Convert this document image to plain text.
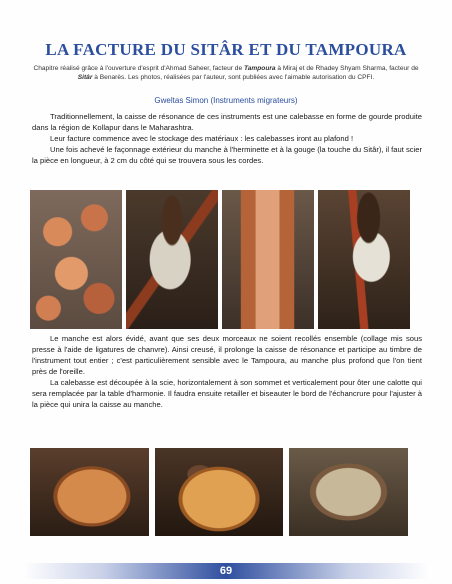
LA FACTURE DU SITÂR ET DU TAMPOURA
Chapitre réalisé grâce à l'ouverture d'esprit d'Ahmad Saheer, facteur de Tampoura à Miraj et de Rhadey Shyam Sharma, facteur de Sitâr à Benarès. Les photos, réalisées par l'auteur, sont publiées avec l'aimable autorisation du CPFI.
Gweltas Simon (Instruments migrateurs)

Traditionnellement, la caisse de résonance de ces instruments est une calebasse en forme de gourde produite dans la région de Kollapur dans le Maharashtra.

Leur facture commence avec le stockage des matériaux : les calebasses iront au plafond !

Une fois achevé le façonnage extérieur du manche à l'herminette et à la gouge (la touche du Sitâr), il faut scier la pièce en longueur, à 2 cm du côté qui se trouvera sous les cordes.

Le manche est alors évidé, avant que ses deux morceaux ne soient recollés ensemble (collage mis sous presse à l'aide de ligatures de chanvre). Ainsi creusé, il prolonge la caisse de résonance et participe au timbre de l'instrument tout entier ; c'est particulièrement sensible avec le Tampoura, au manche plus profond que l'on tient près de l'oreille.

La calebasse est découpée à la scie, horizontalement à son sommet et verticalement pour ôter une calotte qui sera remplacée par la table d'harmonie. Il faudra ensuite retailler et biseauter le bord de l'échancrure pour l'ajuster à la pièce qui unira la caisse au manche.

69
